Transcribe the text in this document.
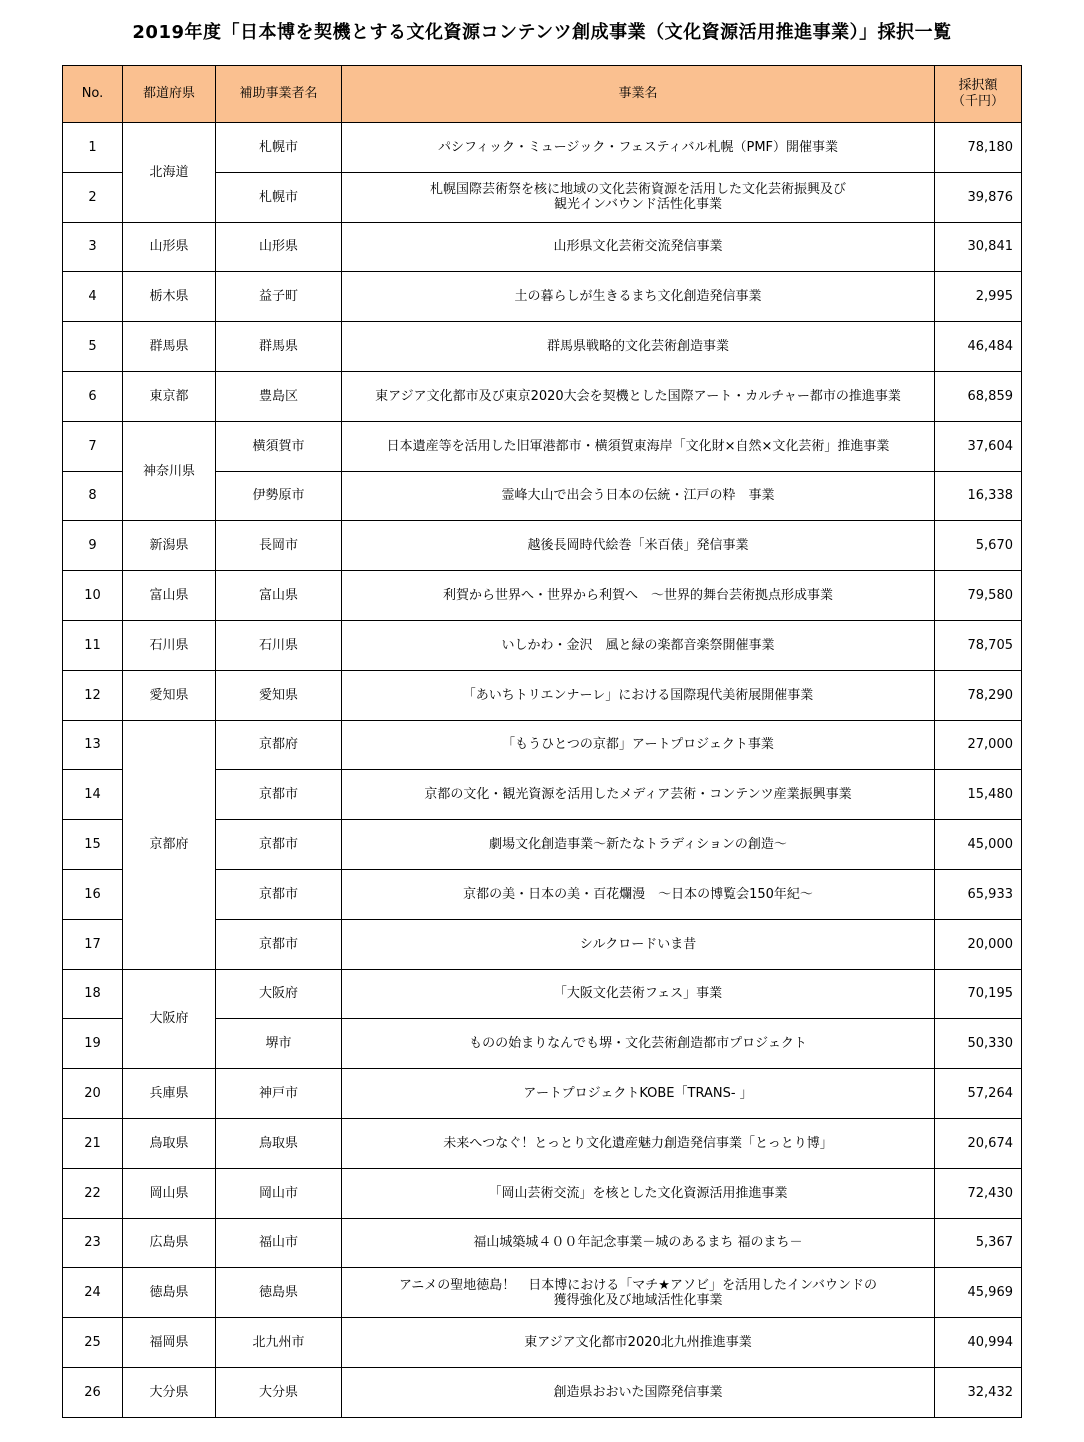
2019年度「日本博を契機とする文化資源コンテンツ創成事業（文化資源活用推進事業）」採択一覧
No.	都道府県	補助事業者名	事業名	採択額
（千円）
1	北海道	札幌市	パシフィック・ミュージック・フェスティバル札幌（PMF）開催事業	78,180
2		札幌市	札幌国際芸術祭を核に地域の文化芸術資源を活用した文化芸術振興及び
観光インバウンド活性化事業	39,876
3	山形県	山形県	山形県文化芸術交流発信事業	30,841
4	栃木県	益子町	土の暮らしが生きるまち文化創造発信事業	2,995
5	群馬県	群馬県	群馬県戦略的文化芸術創造事業	46,484
6	東京都	豊島区	東アジア文化都市及び東京2020大会を契機とした国際アート・カルチャー都市の推進事業	68,859
7	神奈川県	横須賀市	日本遺産等を活用した旧軍港都市・横須賀東海岸「文化財×自然×文化芸術」推進事業	37,604
8		伊勢原市	霊峰大山で出会う日本の伝統・江戸の粋　事業	16,338
9	新潟県	長岡市	越後長岡時代絵巻「米百俵」発信事業	5,670
10	富山県	富山県	利賀から世界へ・世界から利賀へ　～世界的舞台芸術拠点形成事業	79,580
11	石川県	石川県	いしかわ・金沢　風と緑の楽都音楽祭開催事業	78,705
12	愛知県	愛知県	「あいちトリエンナーレ」における国際現代美術展開催事業	78,290
13	京都府	京都府	「もうひとつの京都」アートプロジェクト事業	27,000
14		京都市	京都の文化・観光資源を活用したメディア芸術・コンテンツ産業振興事業	15,480
15		京都市	劇場文化創造事業～新たなトラディションの創造～	45,000
16		京都市	京都の美・日本の美・百花爛漫　～日本の博覧会150年紀～	65,933
17		京都市	シルクロードいま昔	20,000
18	大阪府	大阪府	「大阪文化芸術フェス」事業	70,195
19		堺市	ものの始まりなんでも堺・文化芸術創造都市プロジェクト	50,330
20	兵庫県	神戸市	アートプロジェクトKOBE「TRANS- 」	57,264
21	鳥取県	鳥取県	未来へつなぐ！とっとり文化遺産魅力創造発信事業「とっとり博」	20,674
22	岡山県	岡山市	「岡山芸術交流」を核とした文化資源活用推進事業	72,430
23	広島県	福山市	福山城築城４００年記念事業－城のあるまち 福のまち－	5,367
24	徳島県	徳島県	アニメの聖地徳島！　日本博における「マチ★アソビ」を活用したインバウンドの
獲得強化及び地域活性化事業	45,969
25	福岡県	北九州市	東アジア文化都市2020北九州推進事業	40,994
26	大分県	大分県	創造県おおいた国際発信事業	32,432
